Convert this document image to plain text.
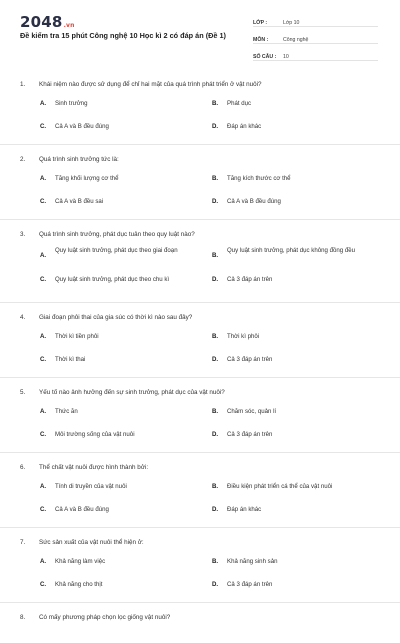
2048.vn
Đề kiểm tra 15 phút Công nghệ 10 Học kì 2 có đáp án (Đề 1)
LỚP :	Lớp 10
MÔN :	Công nghệ
SỐ CÂU :	10
1. Khái niệm nào được sử dụng để chỉ hai mặt của quá trình phát triển ở vật nuôi?
A. Sinh trưởng	B. Phát dục
C. Cả A và B đều đúng	D. Đáp án khác
2. Quá trình sinh trưởng tức là:
A. Tăng khối lượng cơ thể	B. Tăng kích thước cơ thể
C. Cả A và B đều sai	D. Cả A và B đều đúng
3. Quá trình sinh trưởng, phát dục tuân theo quy luật nào?
A.
Quy luật sinh trưởng, phát dục theo giai đoạn
B.
Quy luật sinh trưởng, phát dục không đồng đều
C. Quy luật sinh trưởng, phát dục theo chu kì	D. Cả 3 đáp án trên
4. Giai đoạn phôi thai của gia súc có thời kì nào sau đây?
A. Thời kì tiền phôi	B. Thời kì phôi
C. Thời kì thai	D. Cả 3 đáp án trên
5. Yếu tố nào ảnh hưởng đến sự sinh trưởng, phát dục của vật nuôi?
A. Thức ăn	B. Chăm sóc, quản lí
C. Môi trường sống của vật nuôi	D. Cả 3 đáp án trên
6. Thể chất vật nuôi được hình thành bởi:
A. Tính di truyền của vật nuôi	B. Điều kiện phát triển cá thể của vật nuôi
C. Cả A và B đều đúng	D. Đáp án khác
7. Sức sản xuất của vật nuôi thể hiện ở:
A. Khả năng làm việc	B. Khả năng sinh sản
C. Khả năng cho thịt	D. Cả 3 đáp án trên
8. Có mấy phương pháp chọn lọc giống vật nuôi?
